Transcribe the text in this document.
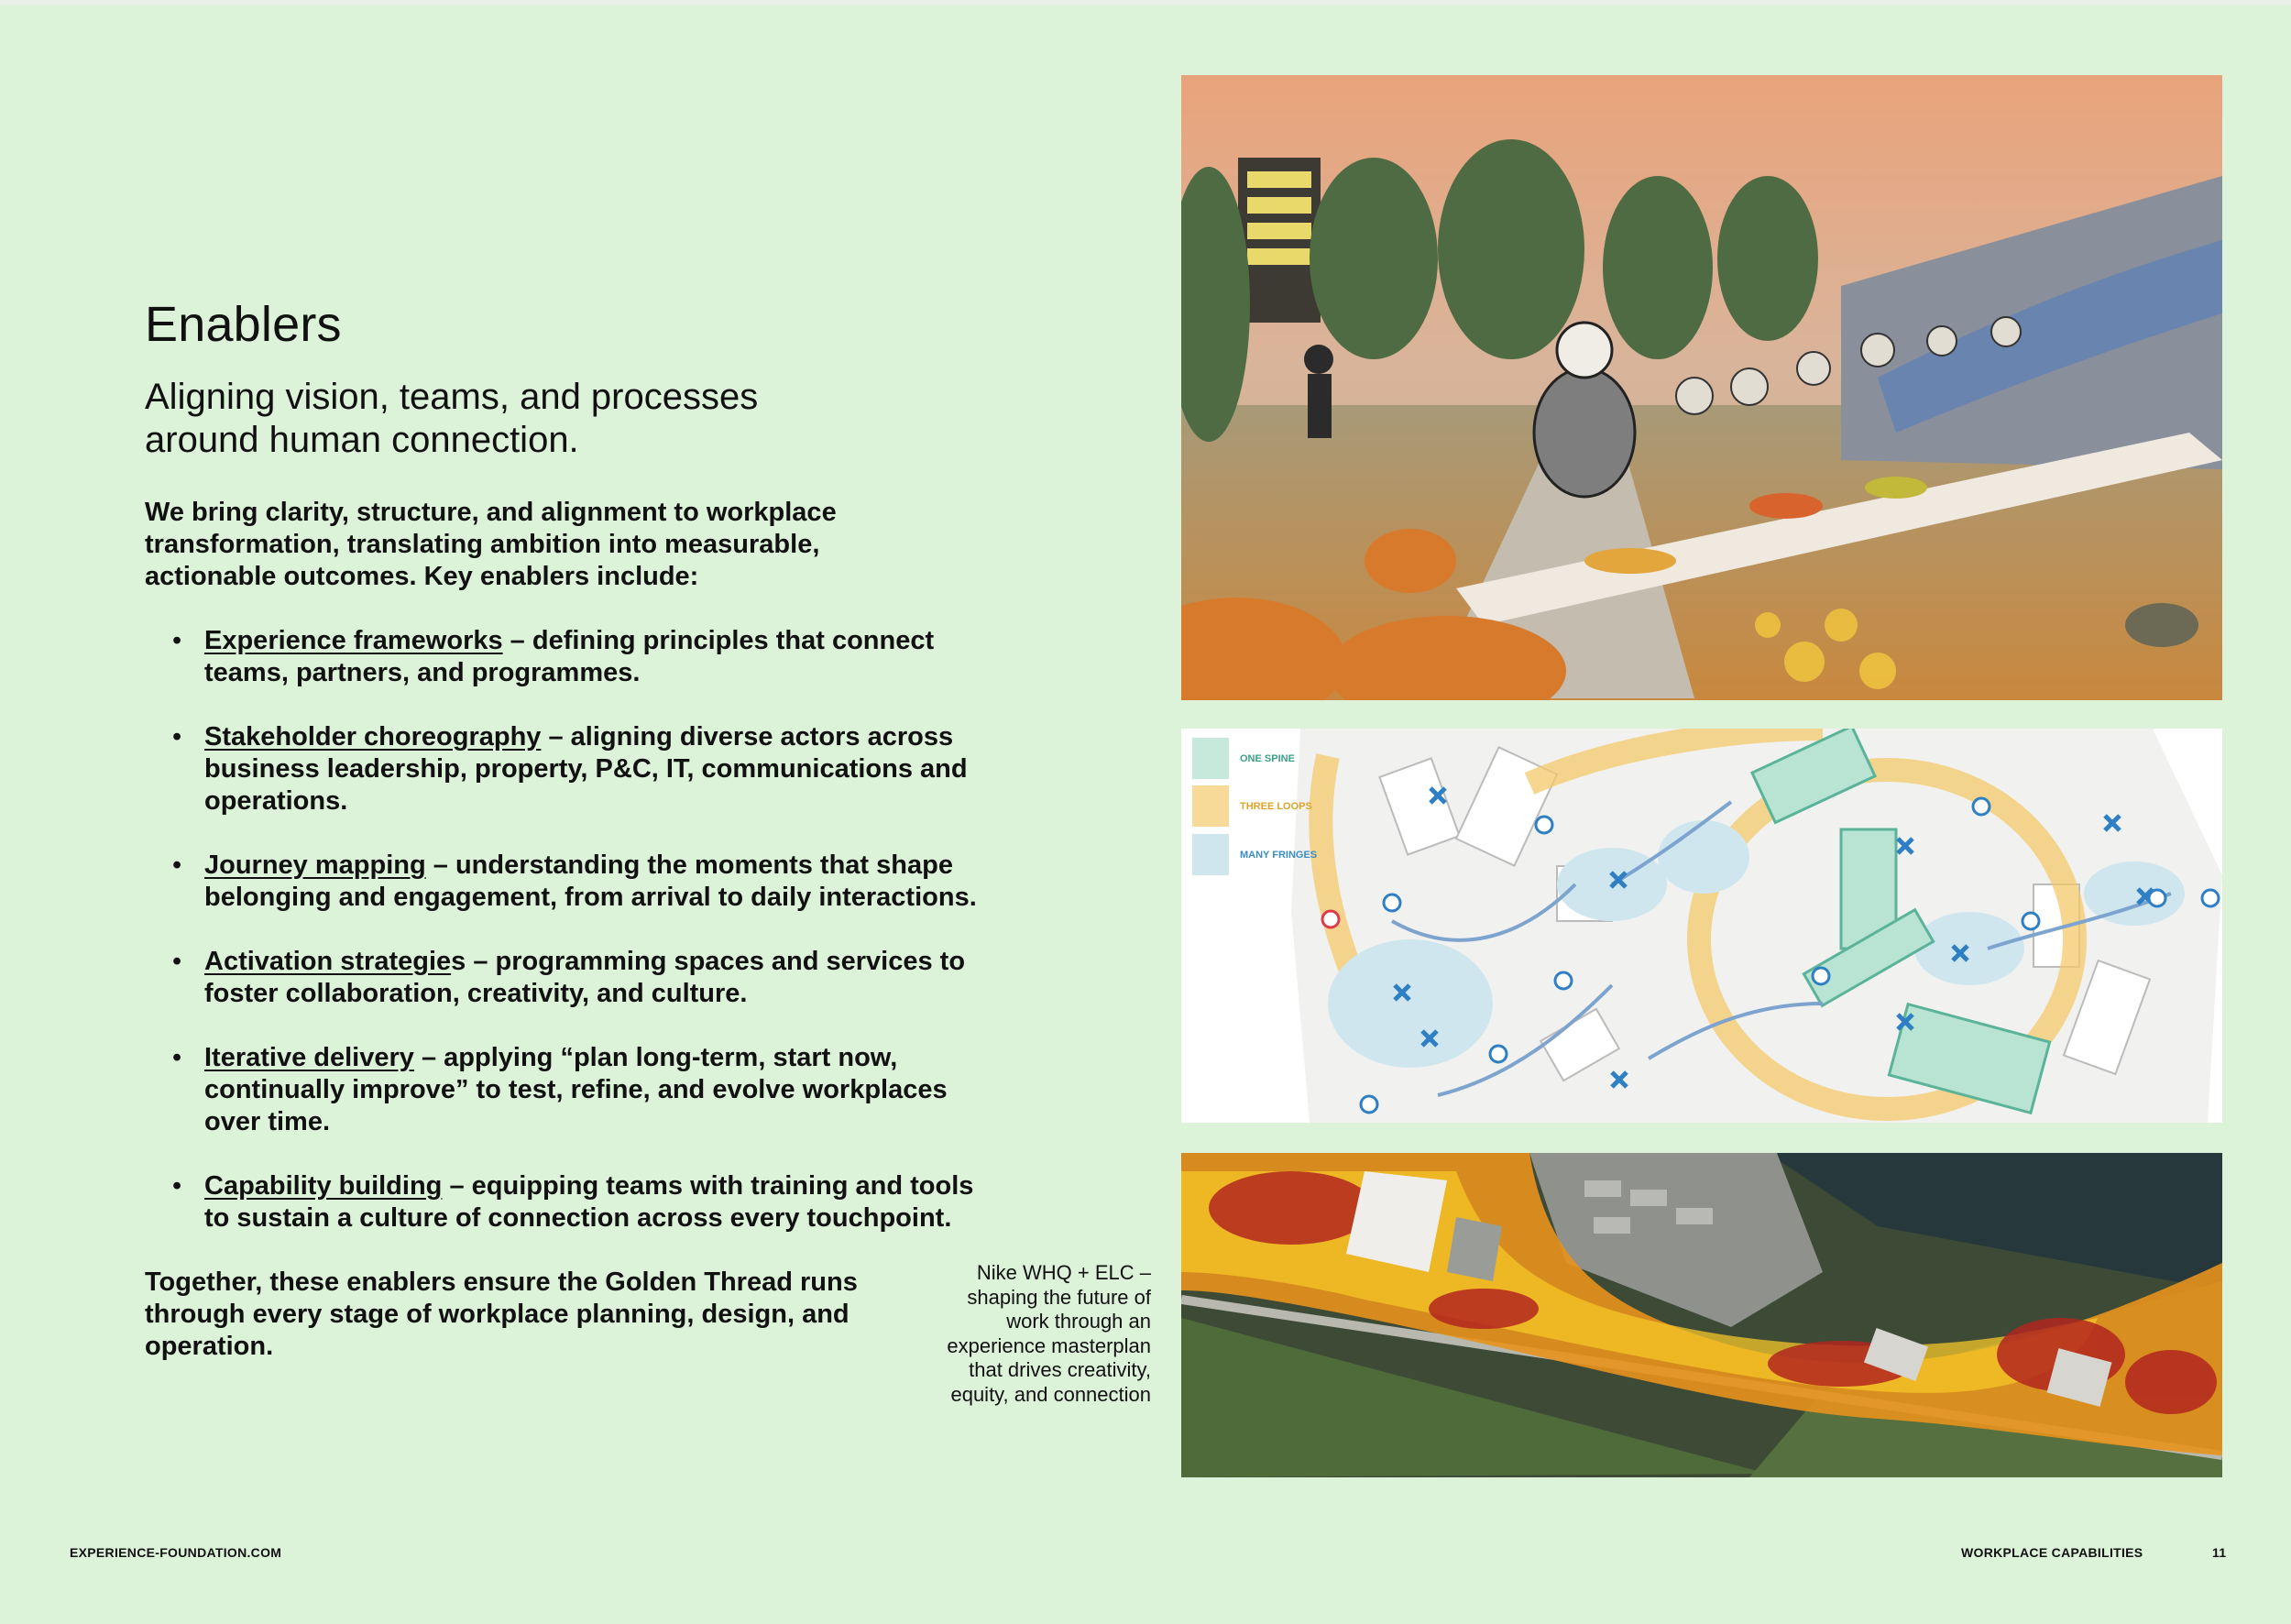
Enablers

Aligning vision, teams, and processes around human connection.

We bring clarity, structure, and alignment to workplace transformation, translating ambition into measurable, actionable outcomes. Key enablers include:

• Experience frameworks – defining principles that connect teams, partners, and programmes.
• Stakeholder choreography – aligning diverse actors across business leadership, property, P&C, IT, communications and operations.
• Journey mapping – understanding the moments that shape belonging and engagement, from arrival to daily interactions.
• Activation strategies – programming spaces and services to foster collaboration, creativity, and culture.
• Iterative delivery – applying “plan long-term, start now, continually improve” to test, refine, and evolve workplaces over time.
• Capability building – equipping teams with training and tools to sustain a culture of connection across every touchpoint.

Together, these enablers ensure the Golden Thread runs through every stage of workplace planning, design, and operation.

Nike WHQ + ELC – shaping the future of work through an experience masterplan that drives creativity, equity, and connection
ONE SPINE
THREE LOOPS
MANY FRINGES
EXPERIENCE-FOUNDATION.COM	WORKPLACE CAPABILITIES	11
